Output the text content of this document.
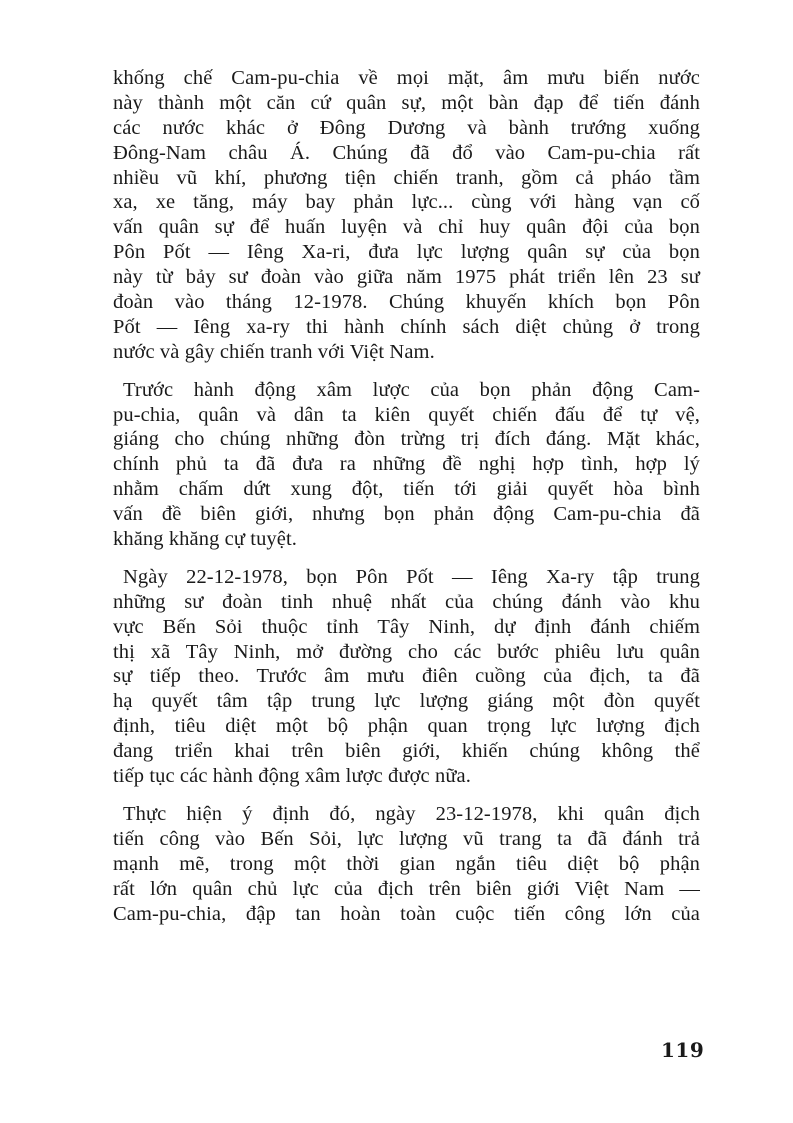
khống chế Cam-pu-chia về mọi mặt, âm mưu biến nước
này thành một căn cứ quân sự, một bàn đạp để tiến đánh
các nước khác ở Đông Dương và bành trướng xuống
Đông-Nam châu Á. Chúng đã đổ vào Cam-pu-chia rất
nhiều vũ khí, phương tiện chiến tranh, gồm cả pháo tầm
xa, xe tăng, máy bay phản lực... cùng với hàng vạn cố
vấn quân sự để huấn luyện và chỉ huy quân đội của bọn
Pôn Pốt — Iêng Xa-ri, đưa lực lượng quân sự của bọn
này từ bảy sư đoàn vào giữa năm 1975 phát triển lên 23 sư
đoàn vào tháng 12-1978. Chúng khuyến khích bọn Pôn
Pốt — Iêng xa-ry thi hành chính sách diệt chủng ở trong
nước và gây chiến tranh với Việt Nam.
Trước hành động xâm lược của bọn phản động Cam-
pu-chia, quân và dân ta kiên quyết chiến đấu để tự vệ,
giáng cho chúng những đòn trừng trị đích đáng. Mặt khác,
chính phủ ta đã đưa ra những đề nghị hợp tình, hợp lý
nhằm chấm dứt xung đột, tiến tới giải quyết hòa bình
vấn đề biên giới, nhưng bọn phản động Cam-pu-chia đã
khăng khăng cự tuyệt.
Ngày 22-12-1978, bọn Pôn Pốt — Iêng Xa-ry tập trung
những sư đoàn tinh nhuệ nhất của chúng đánh vào khu
vực Bến Sỏi thuộc tỉnh Tây Ninh, dự định đánh chiếm
thị xã Tây Ninh, mở đường cho các bước phiêu lưu quân
sự tiếp theo. Trước âm mưu điên cuồng của địch, ta đã
hạ quyết tâm tập trung lực lượng giáng một đòn quyết
định, tiêu diệt một bộ phận quan trọng lực lượng địch
đang triển khai trên biên giới, khiến chúng không thể
tiếp tục các hành động xâm lược được nữa.
Thực hiện ý định đó, ngày 23-12-1978, khi quân địch
tiến công vào Bến Sỏi, lực lượng vũ trang ta đã đánh trả
mạnh mẽ, trong một thời gian ngắn tiêu diệt bộ phận
rất lớn quân chủ lực của địch trên biên giới Việt Nam —
Cam-pu-chia, đập tan hoàn toàn cuộc tiến công lớn của
119
